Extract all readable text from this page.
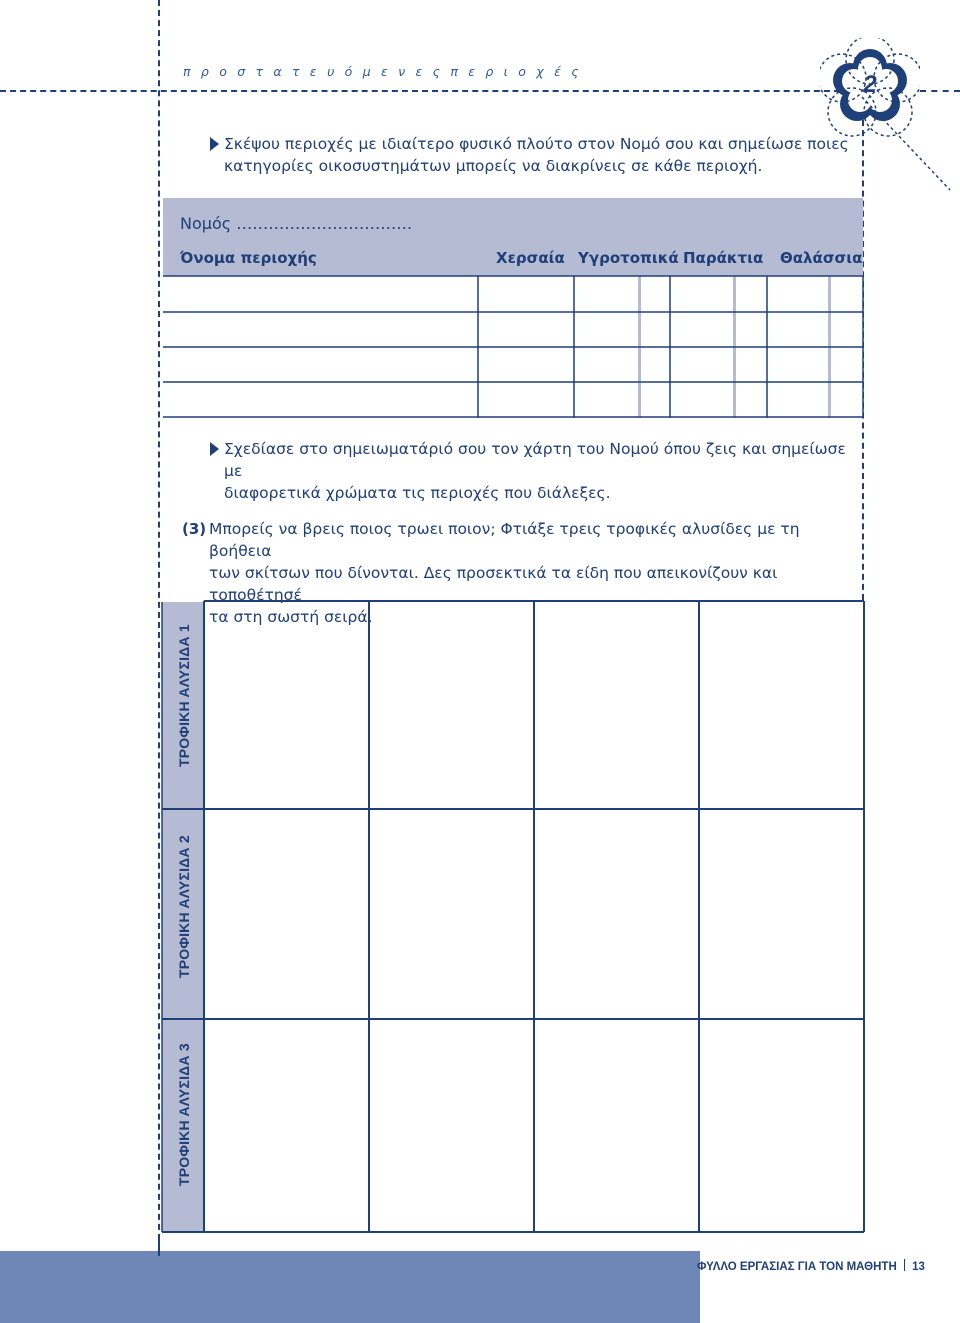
π ρ ο σ τ α τ ε υ ό μ ε ν ε ς π ε ρ ι ο χ έ ς	2
Σκέψου περιοχές με ιδιαίτερο φυσικό πλούτο στον Νομό σου και σημείωσε ποιες
κατηγορίες οικοσυστημάτων μπορείς να διακρίνεις σε κάθε περιοχή.
Νομός ……………………………
Όνομα περιοχής	Χερσαία Υγροτοπικά Παράκτια Θαλάσσια
Σχεδίασε στο σημειωματάριό σου τον χάρτη του Νομού όπου ζεις και σημείωσε με
διαφορετικά χρώματα τις περιοχές που διάλεξες.
(3) Μπορείς να βρεις ποιος τρωει ποιον; Φτιάξε τρεις τροφικές αλυσίδες με τη βοήθεια
των σκίτσων που δίνονται. Δες προσεκτικά τα είδη που απεικονίζουν και τοποθέτησέ
τα στη σωστή σειρά.
ΤΡΟΦΙΚΗ ΑΛΥΣΙΔΑ 1
ΤΡΟΦΙΚΗ ΑΛΥΣΙΔΑ 2
ΤΡΟΦΙΚΗ ΑΛΥΣΙΔΑ 3
ΦΥΛΛΟ ΕΡΓΑΣΙΑΣ ΓΙΑ ΤΟΝ ΜΑΘΗΤΗ 13
